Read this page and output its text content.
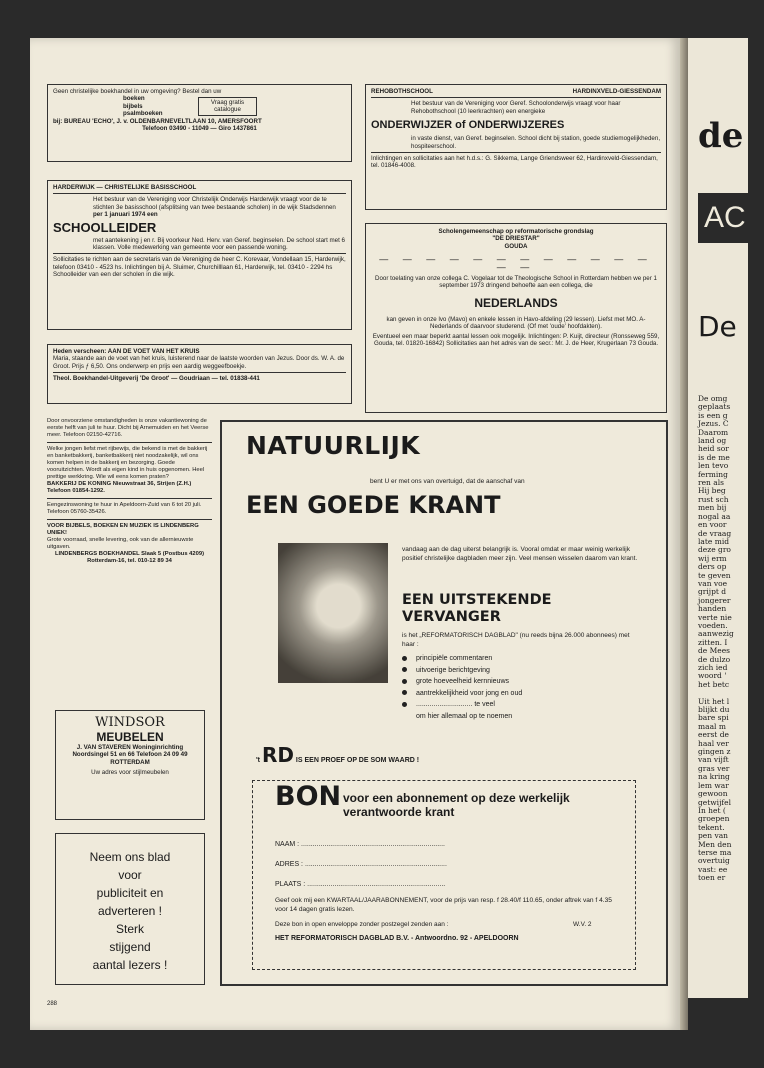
Geen christelijke boekhandel in uw omgeving? Bestel dan uw
boeken
bijbels
psalmboeken
Vraag gratis catalogue
bij: BUREAU 'ECHO', J. v. OLDENBARNEVELTLAAN 10, AMERSFOORT
Telefoon 03490 - 11049 — Giro 1437861
HARDERWIJK — CHRISTELIJKE BASISSCHOOL
Het bestuur van de Vereniging voor Christelijk Onderwijs Harderwijk vraagt voor de te stichten 3e basisschool (afsplitsing van twee bestaande scholen) in de wijk Stadsdennen
per 1 januari 1974 een
SCHOOLLEIDER
met aantekening j en r. Bij voorkeur Ned. Herv. van Geref. beginselen. De school start met 6 klassen. Volle medewerking van gemeente voor een passende woning.
Sollicitaties te richten aan de secretaris van de Vereniging de heer C. Korevaar, Vondellaan 15, Harderwijk, telefoon 03410 - 4523 hs. Inlichtingen bij A. Sluimer, Churchilllaan 61, Harderwijk, tel. 03410 - 2294 hs Schoolleider van een der scholen in die wijk.
Heden verscheen: AAN DE VOET VAN HET KRUIS
Maria, staande aan de voet van het kruis, luisterend naar de laatste woorden van Jezus. Door ds. W. A. de Groot. Prijs ƒ 6,50. Ons onderwerp en prijs een aardig weggeefboekje.
Theol. Boekhandel-Uitgeverij 'De Groot' — Goudriaan — tel. 01838-441
REHOBOTHSCHOOL	HARDINXVELD-GIESSENDAM
Het bestuur van de Vereniging voor Geref. Schoolonderwijs vraagt voor haar Rehobothschool (10 leerkrachten) een energieke
ONDERWIJZER of ONDERWIJZERES
in vaste dienst, van Geref. beginselen. School dicht bij station, goede studiemogelijkheden, hospiteerschool.
Inlichtingen en sollicitaties aan het h.d.s.: G. Sikkema, Lange Griendsweer 62, Hardinxveld-Giessendam, tel. 01846-4008.
Scholengemeenschap op reformatorische grondslag
"DE DRIESTAR"
GOUDA
— — — — — — — — — — — — — —
Door toelating van onze collega C. Vogelaar tot de Theologische School in Rotterdam hebben we per 1 september 1973 dringend behoefte aan een collega, die
NEDERLANDS
kan geven in onze lvo (Mavo) en enkele lessen in Havo-afdeling (29 lessen). Liefst met MO. A-Nederlands of daarvoor studerend. (Of met 'oude' hoofdakten).
Eventueel een maar beperkt aantal lessen ook mogelijk. Inlichtingen: P. Kuijt, directeur (Ronsseweg 559, Gouda, tel. 01820-16842) Sollicitaties aan het adres van de secr.: Mr. J. de Heer, Krugerlaan 73 Gouda.
Door onvoorziene omstandigheden is onze vakantiewoning de eerste helft van juli te huur. Dicht bij Arnemuiden en het Veerse meer. Telefoon 02150-42716.
Welke jongen liefst met rijbewijs, die bekend is met de bakkerij en banketbakkerij, banketbakkerij niet noodzakelijk, wil ons komen helpen in de bakkerij en bezorging. Goede vooruitzichten. Wordt als eigen kind in huis opgenomen. Heel prettige werkkring. Wie wil eens komen praten?
BAKKERIJ DE KONING Nieuwstraat 36, Strijen (Z.H.) Telefoon 01854-1292.
Eengezinswoning te huur in Apeldoorn-Zuid van 6 tot 20 juli. Telefoon 05760-35426.
VOOR BIJBELS, BOEKEN EN MUZIEK IS LINDENBERG UNIEK!
Grote voorraad, snelle levering, ook van de allernieuwste uitgaven.
LINDENBERGS BOEKHANDEL Slaak 5 (Postbus 4209) Rotterdam-16, tel. 010-12 89 34
WINDSOR
MEUBELEN
J. VAN STAVEREN Woninginrichting Noordsingel 51 en 66 Telefoon 24 09 49 ROTTERDAM
Uw adres voor stijlmeubelen
Neem ons blad
voor
publiciteit en
adverteren !
Sterk
stijgend
aantal lezers !
NATUURLIJK
bent U er met ons van overtuigd, dat de aanschaf van
EEN GOEDE KRANT
vandaag aan de dag uiterst belangrijk is. Vooral omdat er maar weinig werkelijk positief christelijke dagbladen meer zijn. Veel mensen wisselen daarom van krant.
EEN UITSTEKENDE VERVANGER
is het „REFORMATORISCH DAGBLAD" (nu reeds bijna 26.000 abonnees) met haar :
principiële commentaren
uitvoerige berichtgeving
grote hoeveelheid kernnieuws
aantrekkelijkheid voor jong en oud
............................. te veel
om hier allemaal op te noemen
't RD IS EEN PROEF OP DE SOM WAARD !
BON voor een abonnement op deze werkelijk verantwoorde krant
NAAM : ..........................................................................
ADRES : .........................................................................
PLAATS : .......................................................................
Geef ook mij een KWARTAAL/JAARABONNEMENT, voor de prijs van resp. f 28.40/f 110.65, onder aftrek van f 4.35 voor 14 dagen gratis lezen.
Deze bon in open enveloppe zonder postzegel zenden aan :	W.V. 2
HET REFORMATORISCH DAGBLAD B.V. - Antwoordno. 92 - APELDOORN
288
de
AC
De
De omg
geplaats
is een g
Jezus. C
Daarom
land og
heid sor
is de me
len tevo
ferming
ren als
Hij beg
rust sch
men bij
nogal aa
en voor
de vraag
late mid
deze gro
wij erm
ders op
te geven
van voe
grijpt d
jongerer
handen
verte nie
voeden.
aanwezig
zitten. I
de Mees
de dulzo
zich ied
woord '
het betc

Uit het l
blijkt du
bare spi
maal m
eerst de
haal ver
gingen z
van vijft
gras ver
na kring
lem war
gewoon
getwijfel
In het (
groepen
tekent.
pen van
Men den
terse ma
overtuig
vast: ee
toen er
